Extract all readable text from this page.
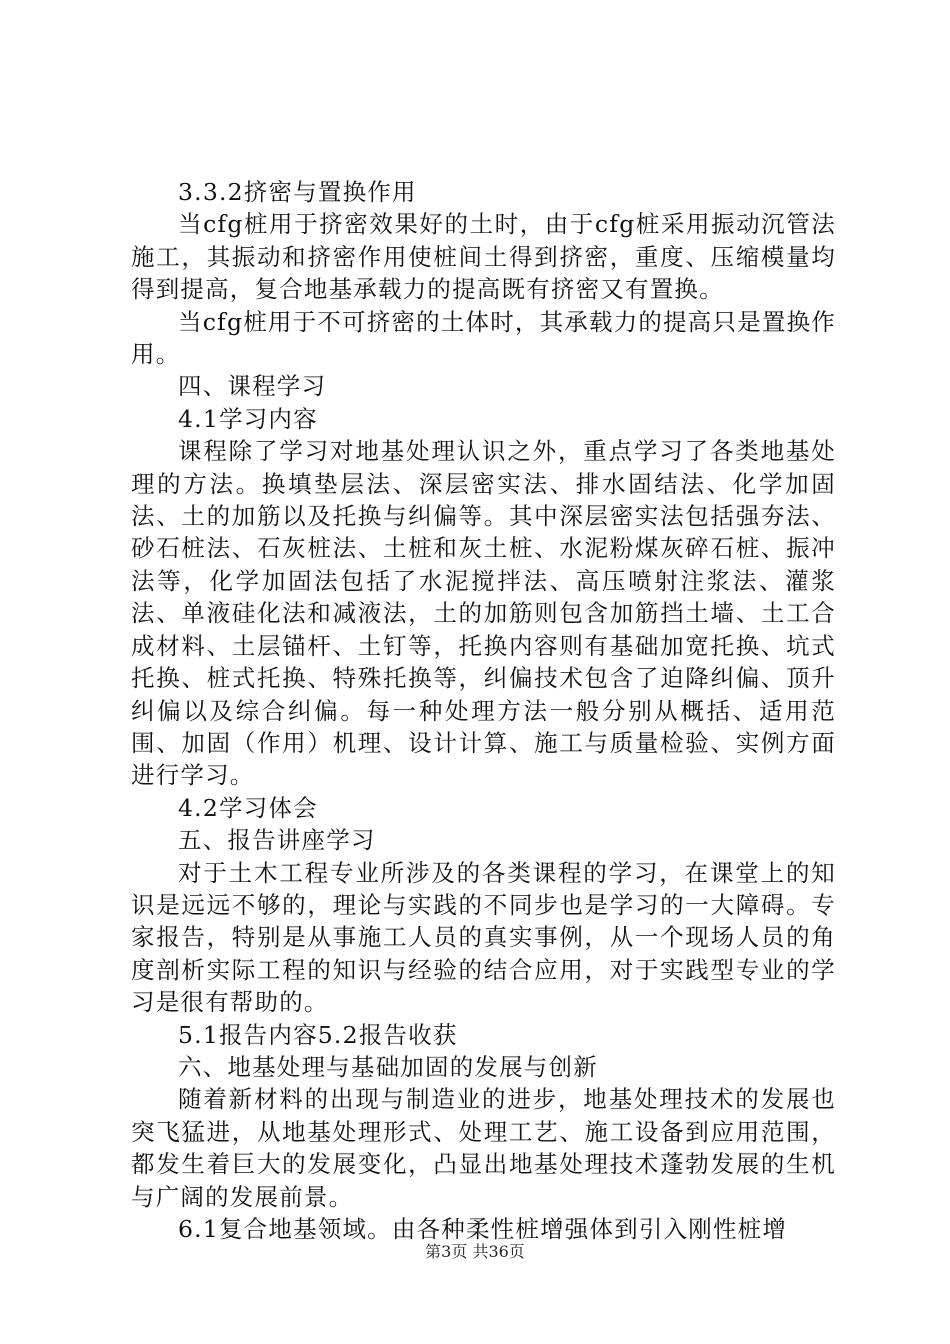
3.3.2挤密与置换作用

当cfg桩用于挤密效果好的土时，由于cfg桩采用振动沉管法施工，其振动和挤密作用使桩间土得到挤密，重度、压缩模量均得到提高，复合地基承载力的提高既有挤密又有置换。

当cfg桩用于不可挤密的土体时，其承载力的提高只是置换作用。

四、课程学习

4.1学习内容

课程除了学习对地基处理认识之外，重点学习了各类地基处理的方法。换填垫层法、深层密实法、排水固结法、化学加固法、土的加筋以及托换与纠偏等。其中深层密实法包括强夯法、砂石桩法、石灰桩法、土桩和灰土桩、水泥粉煤灰碎石桩、振冲法等，化学加固法包括了水泥搅拌法、高压喷射注浆法、灌浆法、单液硅化法和减液法，土的加筋则包含加筋挡土墙、土工合成材料、土层锚杆、土钉等，托换内容则有基础加宽托换、坑式托换、桩式托换、特殊托换等，纠偏技术包含了迫降纠偏、顶升纠偏以及综合纠偏。每一种处理方法一般分别从概括、适用范围、加固（作用）机理、设计计算、施工与质量检验、实例方面进行学习。

4.2学习体会

五、报告讲座学习

对于土木工程专业所涉及的各类课程的学习，在课堂上的知识是远远不够的，理论与实践的不同步也是学习的一大障碍。专家报告，特别是从事施工人员的真实事例，从一个现场人员的角度剖析实际工程的知识与经验的结合应用，对于实践型专业的学习是很有帮助的。

5.1报告内容5.2报告收获

六、地基处理与基础加固的发展与创新

随着新材料的出现与制造业的进步，地基处理技术的发展也突飞猛进，从地基处理形式、处理工艺、施工设备到应用范围，都发生着巨大的发展变化，凸显出地基处理技术蓬勃发展的生机与广阔的发展前景。

6.1复合地基领域。由各种柔性桩增强体到引入刚性桩增

第3页 共36页
